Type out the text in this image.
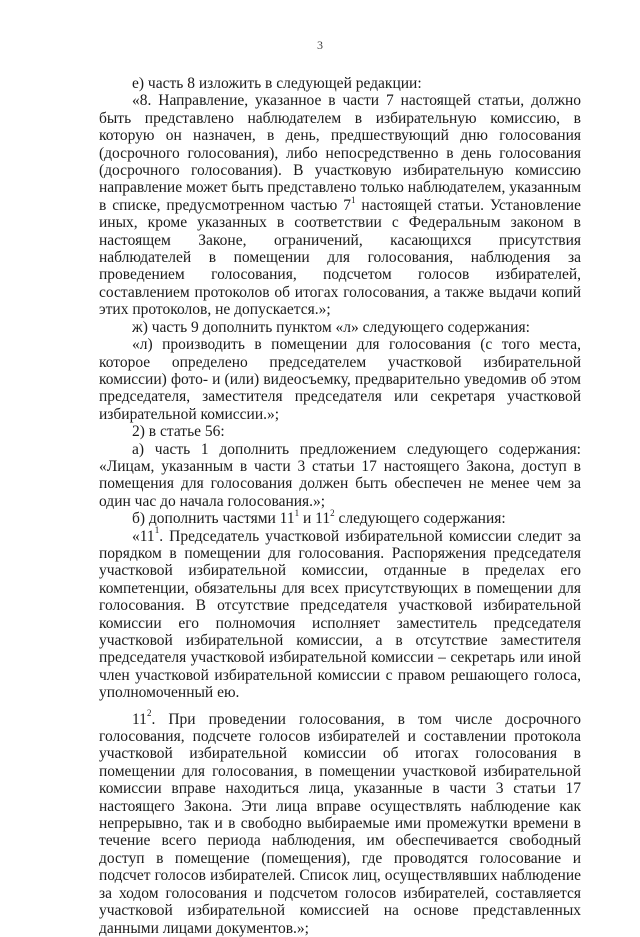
3

е) часть 8 изложить в следующей редакции:

«8. Направление, указанное в части 7 настоящей статьи, должно быть представлено наблюдателем в избирательную комиссию, в которую он назначен, в день, предшествующий дню голосования (досрочного голосования), либо непосредственно в день голосования (досрочного голосования). В участковую избирательную комиссию направление может быть представлено только наблюдателем, указанным в списке, предусмотренном частью $7^1$ настоящей статьи. Установление иных, кроме указанных в соответствии с Федеральным законом в настоящем Законе, ограничений, касающихся присутствия наблюдателей в помещении для голосования, наблюдения за проведением голосования, подсчетом голосов избирателей, составлением протоколов об итогах голосования, а также выдачи копий этих протоколов, не допускается.»;

ж) часть 9 дополнить пунктом «л» следующего содержания:

«л) производить в помещении для голосования (с того места, которое определено председателем участковой избирательной комиссии) фото- и (или) видеосъемку, предварительно уведомив об этом председателя, заместителя председателя или секретаря участковой избирательной комиссии.»;

2) в статье 56:

а) часть 1 дополнить предложением следующего содержания: «Лицам, указанным в части 3 статьи 17 настоящего Закона, доступ в помещения для голосования должен быть обеспечен не менее чем за один час до начала голосования.»;

б) дополнить частями $11^1$ и $11^2$ следующего содержания:

«$11^1$. Председатель участковой избирательной комиссии следит за порядком в помещении для голосования. Распоряжения председателя участковой избирательной комиссии, отданные в пределах его компетенции, обязательны для всех присутствующих в помещении для голосования. В отсутствие председателя участковой избирательной комиссии его полномочия исполняет заместитель председателя участковой избирательной комиссии, а в отсутствие заместителя председателя участковой избирательной комиссии – секретарь или иной член участковой избирательной комиссии с правом решающего голоса, уполномоченный ею.

$11^2$. При проведении голосования, в том числе досрочного голосования, подсчете голосов избирателей и составлении протокола участковой избирательной комиссии об итогах голосования в помещении для голосования, в помещении участковой избирательной комиссии вправе находиться лица, указанные в части 3 статьи 17 настоящего Закона. Эти лица вправе осуществлять наблюдение как непрерывно, так и в свободно выбираемые ими промежутки времени в течение всего периода наблюдения, им обеспечивается свободный доступ в помещение (помещения), где проводятся голосование и подсчет голосов избирателей. Список лиц, осуществлявших наблюдение за ходом голосования и подсчетом голосов избирателей, составляется участковой избирательной комиссией на основе представленных данными лицами документов.»;
